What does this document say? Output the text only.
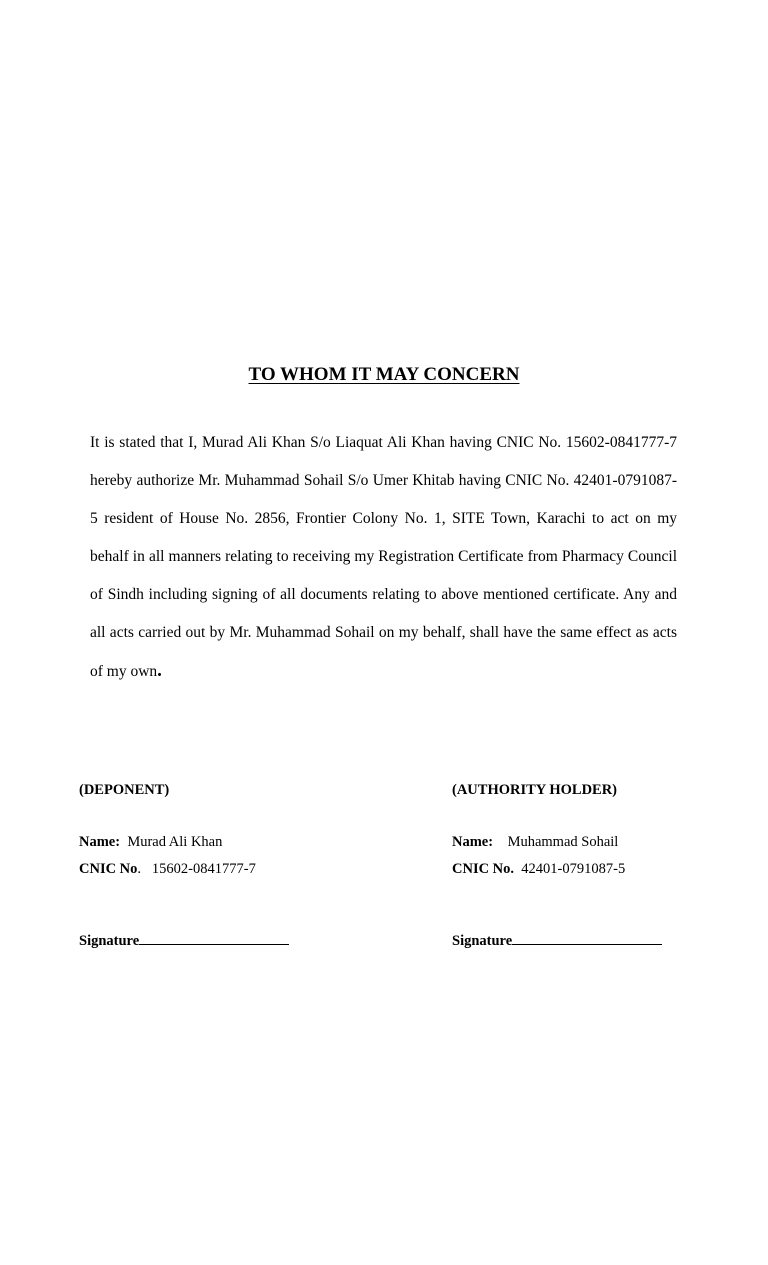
TO WHOM IT MAY CONCERN

It is stated that I, Murad Ali Khan S/o Liaquat Ali Khan having CNIC No. 15602-0841777-7 hereby authorize Mr. Muhammad Sohail S/o Umer Khitab having CNIC No. 42401-0791087-5 resident of House No. 2856, Frontier Colony No. 1, SITE Town, Karachi to act on my behalf in all manners relating to receiving my Registration Certificate from Pharmacy Council of Sindh including signing of all documents relating to above mentioned certificate. Any and all acts carried out by Mr. Muhammad Sohail on my behalf, shall have the same effect as acts of my own.

(DEPONENT)
Name: Murad Ali Khan
CNIC No. 15602-0841777-7
Signature
(AUTHORITY HOLDER)
Name: Muhammad Sohail
CNIC No. 42401-0791087-5
Signature
